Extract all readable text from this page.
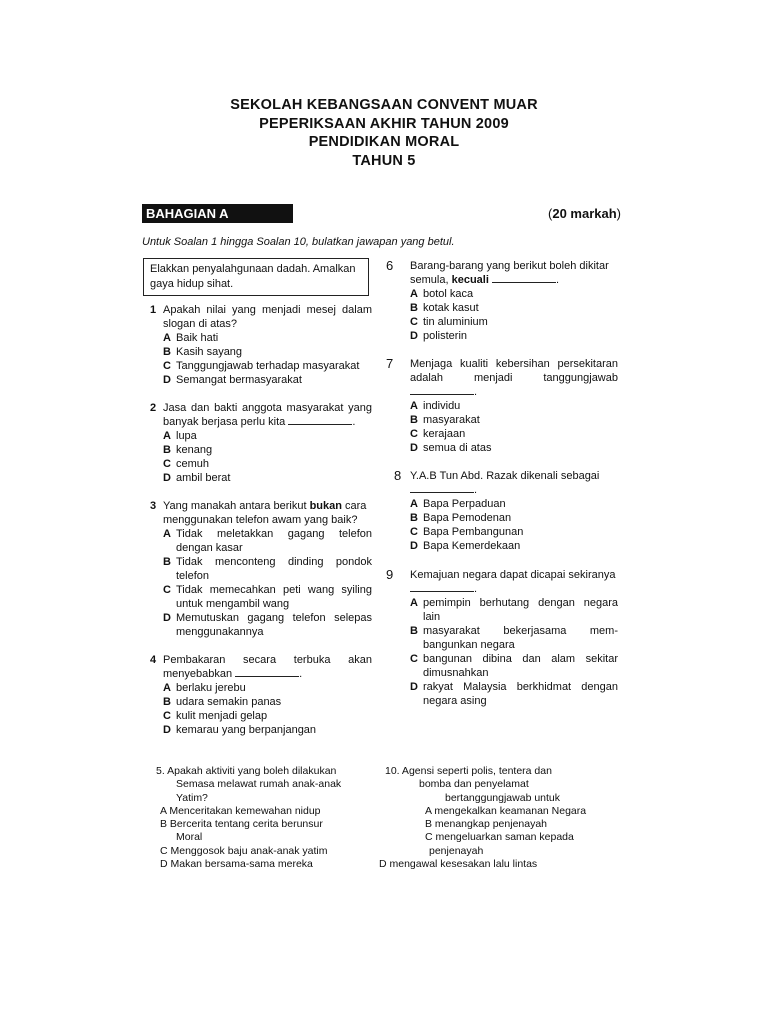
SEKOLAH KEBANGSAAN CONVENT MUAR
PEPERIKSAAN AKHIR TAHUN 2009
PENDIDIKAN MORAL
TAHUN 5
BAHAGIAN A	(20 markah)
Untuk Soalan 1 hingga Soalan 10, bulatkan jawapan yang betul.
Elakkan penyalahgunaan dadah. Amalkan
gaya hidup sihat.
1 Apakah nilai yang menjadi mesej dalam
slogan di atas?
A Baik hati
B Kasih sayang
C Tanggungjawab terhadap masyarakat
D Semangat bermasyarakat
2 Jasa dan bakti anggota masyarakat yang
banyak berjasa perlu kita	.
A lupa
B kenang
C cemuh
D ambil berat
3 Yang manakah antara berikut bukan cara
menggunakan telefon awam yang baik?
A Tidak meletakkan gagang telefon
dengan kasar
B Tidak menconteng dinding pondok
telefon
C Tidak memecahkan peti wang syiling
untuk mengambil wang
D Memutuskan gagang telefon selepas
menggunakannya
4 Pembakaran secara terbuka akan
menyebabkan	.
A berlaku jerebu
B udara semakin panas
C kulit menjadi gelap
D kemarau yang berpanjangan
6 Barang-barang yang berikut boleh dikitar
semula, kecuali	.
A botol kaca
B kotak kasut
C tin aluminium
D polisterin
7 Menjaga kualiti kebersihan persekitaran
adalah menjadi tanggungjawab
.
A individu
B masyarakat
C kerajaan
D semua di atas
8 Y.A.B Tun Abd. Razak dikenali sebagai
.
A Bapa Perpaduan
B Bapa Pemodenan
C Bapa Pembangunan
D Bapa Kemerdekaan
9 Kemajuan negara dapat dicapai sekiranya
.
A pemimpin berhutang dengan negara
lain
B masyarakat bekerjasama mem-
bangunkan negara
C bangunan dibina dan alam sekitar
dimusnahkan
D rakyat Malaysia berkhidmat dengan
negara asing
5. Apakah aktiviti yang boleh dilakukan
Semasa melawat rumah anak-anak
Yatim?
A Menceritakan kemewahan nidup
B Bercerita tentang cerita berunsur
Moral
C Menggosok baju anak-anak yatim
D Makan bersama-sama mereka
10. Agensi seperti polis, tentera dan
bomba dan penyelamat
bertanggungjawab untuk
A mengekalkan keamanan Negara
B menangkap penjenayah
C mengeluarkan saman kepada
penjenayah
D mengawal kesesakan lalu lintas
